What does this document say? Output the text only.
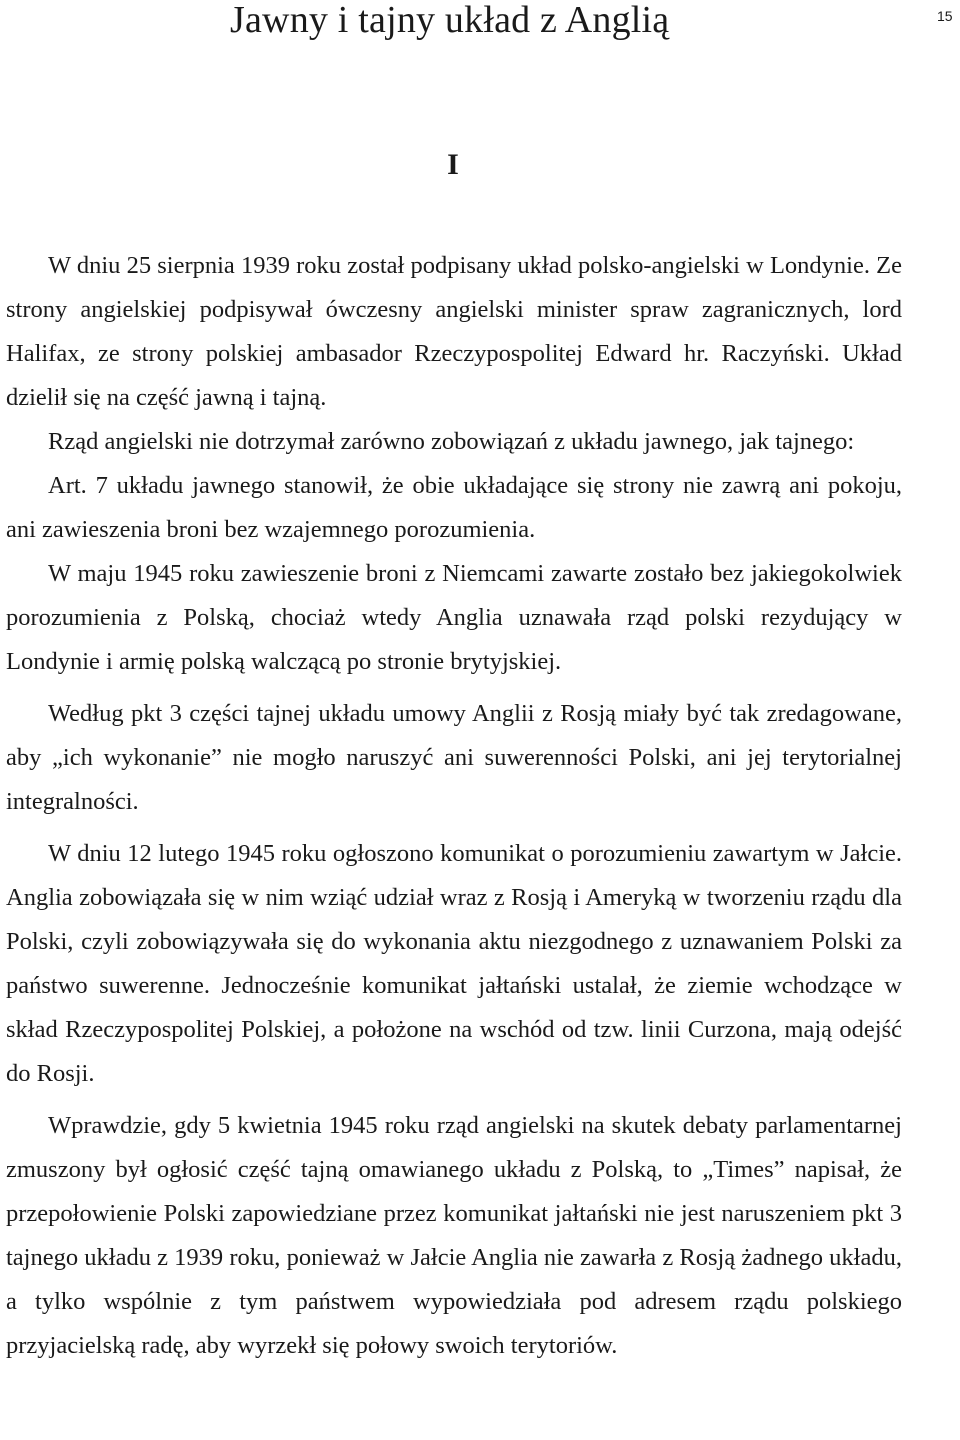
Jawny i tajny układ z Anglią	15
I

W dniu 25 sierpnia 1939 roku został podpisany układ polsko-angielski w Londynie. Ze strony angielskiej podpisywał ówczesny angielski minister spraw zagranicznych, lord Halifax, ze strony polskiej ambasador Rzeczypospolitej Edward hr. Raczyński. Układ dzielił się na część jawną i tajną.

Rząd angielski nie dotrzymał zarówno zobowiązań z układu jawnego, jak tajnego:

Art. 7 układu jawnego stanowił, że obie układające się strony nie zawrą ani pokoju, ani zawieszenia broni bez wzajemnego porozumienia.

W maju 1945 roku zawieszenie broni z Niemcami zawarte zostało bez jakiegokolwiek porozumienia z Polską, chociaż wtedy Anglia uznawała rząd polski rezydujący w Londynie i armię polską walczącą po stronie brytyjskiej.

Według pkt 3 części tajnej układu umowy Anglii z Rosją miały być tak zredagowane, aby „ich wykonanie” nie mogło naruszyć ani suwerenności Polski, ani jej terytorialnej integralności.

W dniu 12 lutego 1945 roku ogłoszono komunikat o porozumieniu zawartym w Jałcie. Anglia zobowiązała się w nim wziąć udział wraz z Rosją i Ameryką w tworzeniu rządu dla Polski, czyli zobowiązywała się do wykonania aktu niezgodnego z uznawaniem Polski za państwo suwerenne. Jednocześnie komunikat jałtański ustalał, że ziemie wchodzące w skład Rzeczypospolitej Polskiej, a położone na wschód od tzw. linii Curzona, mają odejść do Rosji.

Wprawdzie, gdy 5 kwietnia 1945 roku rząd angielski na skutek debaty parlamentarnej zmuszony był ogłosić część tajną omawianego układu z Polską, to „Times” napisał, że przepołowienie Polski zapowiedziane przez komunikat jałtański nie jest naruszeniem pkt 3 tajnego układu z 1939 roku, ponieważ w Jałcie Anglia nie zawarła z Rosją żadnego układu, a tylko wspólnie z tym państwem wypowiedziała pod adresem rządu polskiego przyjacielską radę, aby wyrzekł się połowy swoich terytoriów.
